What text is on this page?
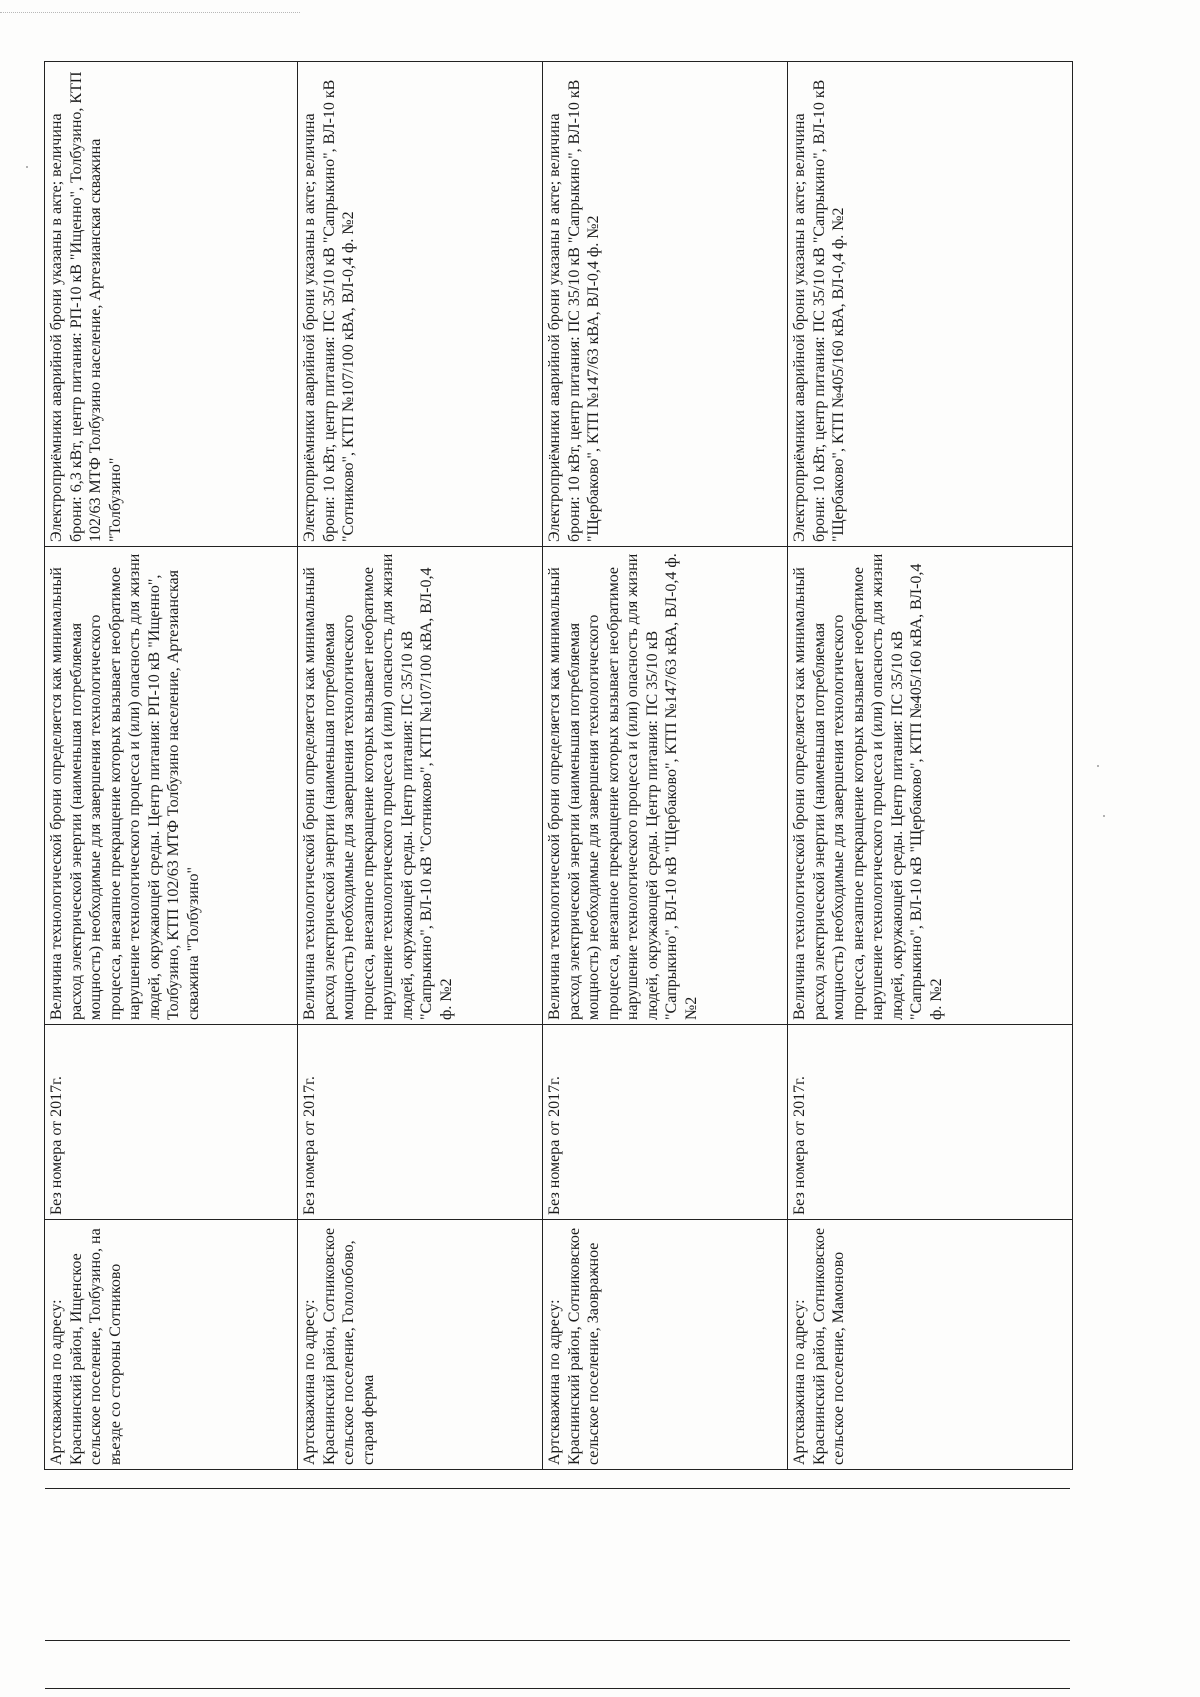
Артскважина по адресу: Краснинский район, Ищенское сельское поселение, Толбузино, на въезде со стороны Сотниково	Без номера от 2017г.	Величина технологической брони определяется как минимальный расход электрической энергии (наименьшая потребляемая мощность) необходимые для завершения технологического процесса, внезапное прекращение которых вызывает необратимое нарушение технологического процесса и (или) опасность для жизни людей, окружающей среды. Центр питания: РП-10 кВ "Ищенно", Толбузино, КТП 102/63 МТФ Толбузино население, Артезианская скважина "Толбузино"	Электроприёмники аварийной брони указаны в акте; величина брони: 6,3 кВт, центр питания: РП-10 кВ "Ищенно", Толбузино, КТП 102/63 МТФ Толбузино население, Артезианская скважина "Толбузино"
Артскважина по адресу: Краснинский район, Сотниковское сельское поселение, Гололобово, старая ферма	Без номера от 2017г.	Величина технологической брони определяется как минимальный расход электрической энергии (наименьшая потребляемая мощность) необходимые для завершения технологического процесса, внезапное прекращение которых вызывает необратимое нарушение технологического процесса и (или) опасность для жизни людей, окружающей среды. Центр питания: ПС 35/10 кВ "Сапрыкино", ВЛ-10 кВ "Сотниково", КТП №107/100 кВА, ВЛ-0,4 ф. №2	Электроприёмники аварийной брони указаны в акте; величина брони: 10 кВт, центр питания: ПС 35/10 кВ "Сапрыкино", ВЛ-10 кВ "Сотниково", КТП №107/100 кВА, ВЛ-0,4 ф. №2
Артскважина по адресу: Краснинский район, Сотниковское сельское поселение, Заовражное	Без номера от 2017г.	Величина технологической брони определяется как минимальный расход электрической энергии (наименьшая потребляемая мощность) необходимые для завершения технологического процесса, внезапное прекращение которых вызывает необратимое нарушение технологического процесса и (или) опасность для жизни людей, окружающей среды. Центр питания: ПС 35/10 кВ "Сапрыкино", ВЛ-10 кВ "Щербаково", КТП №147/63 кВА, ВЛ-0,4 ф. №2	Электроприёмники аварийной брони указаны в акте; величина брони: 10 кВт, центр питания: ПС 35/10 кВ "Сапрыкино", ВЛ-10 кВ "Щербаково", КТП №147/63 кВА, ВЛ-0,4 ф. №2
Артскважина по адресу: Краснинский район, Сотниковское сельское поселение, Мамоново	Без номера от 2017г.	Величина технологической брони определяется как минимальный расход электрической энергии (наименьшая потребляемая мощность) необходимые для завершения технологического процесса, внезапное прекращение которых вызывает необратимое нарушение технологического процесса и (или) опасность для жизни людей, окружающей среды. Центр питания: ПС 35/10 кВ "Сапрыкино", ВЛ-10 кВ "Щербаково", КТП №405/160 кВА, ВЛ-0,4 ф. №2	Электроприёмники аварийной брони указаны в акте; величина брони: 10 кВт, центр питания: ПС 35/10 кВ "Сапрыкино", ВЛ-10 кВ "Щербаково", КТП №405/160 кВА, ВЛ-0,4 ф. №2
